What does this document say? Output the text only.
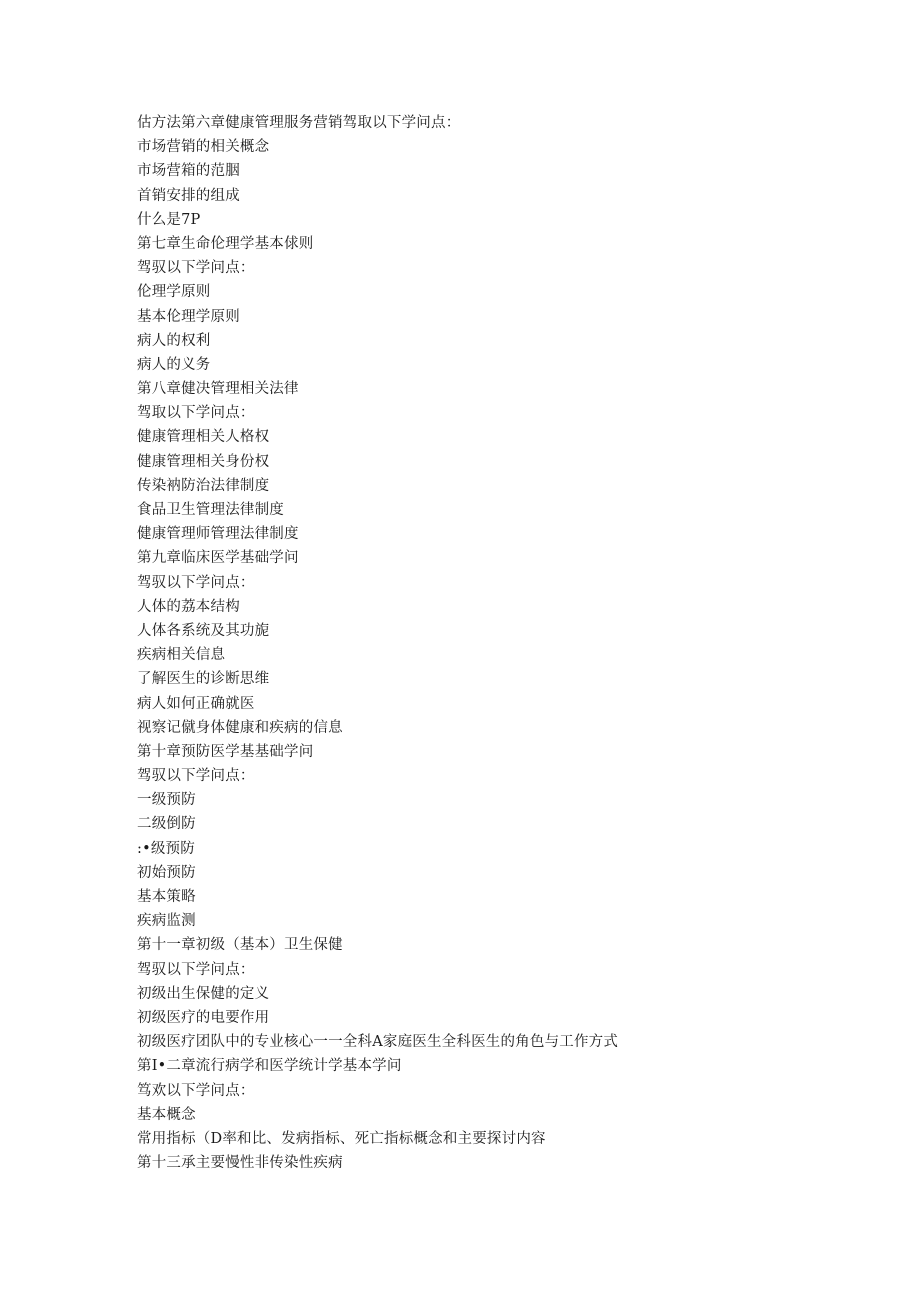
估方法第六章健康管理服务营销驾取以下学问点：
市场营销的相关概念
市场营箱的范胭
首销安排的组成
什么是7P
第七章生命伦理学基本俅则
驾驭以下学问点：
伦理学原则
基本伦理学原则
病人的权利
病人的义务
第八章健决管理相关法律
驾取以下学问点：
健康管理相关人格权
健康管理相关身份权
传染衲防治法律制度
食品卫生管理法律制度
健康管理师管理法律制度
第九章临床医学基础学问
驾驭以下学问点：
人体的荔本结构
人体各系统及其功旎
疾病相关信息
了解医生的诊断思维
病人如何正确就医
视察记僦身体健康和疾病的信息
第十章预防医学基基础学问
驾驭以下学问点：
一级预防
二级倒防
:•级预防
初始预防
基本策略
疾病监测
第十一章初级（基本）卫生保健
驾驭以下学问点：
初级出生保健的定义
初级医疗的电要作用
初级医疗团队中的专业核心一一全科A家庭医生全科医生的角色与工作方式
第I•二章流行病学和医学统计学基本学问
笃欢以下学问点：
基本概念
常用指标（D率和比、发病指标、死亡指标概念和主要探讨内容
第十三承主要慢性非传染性疾病
